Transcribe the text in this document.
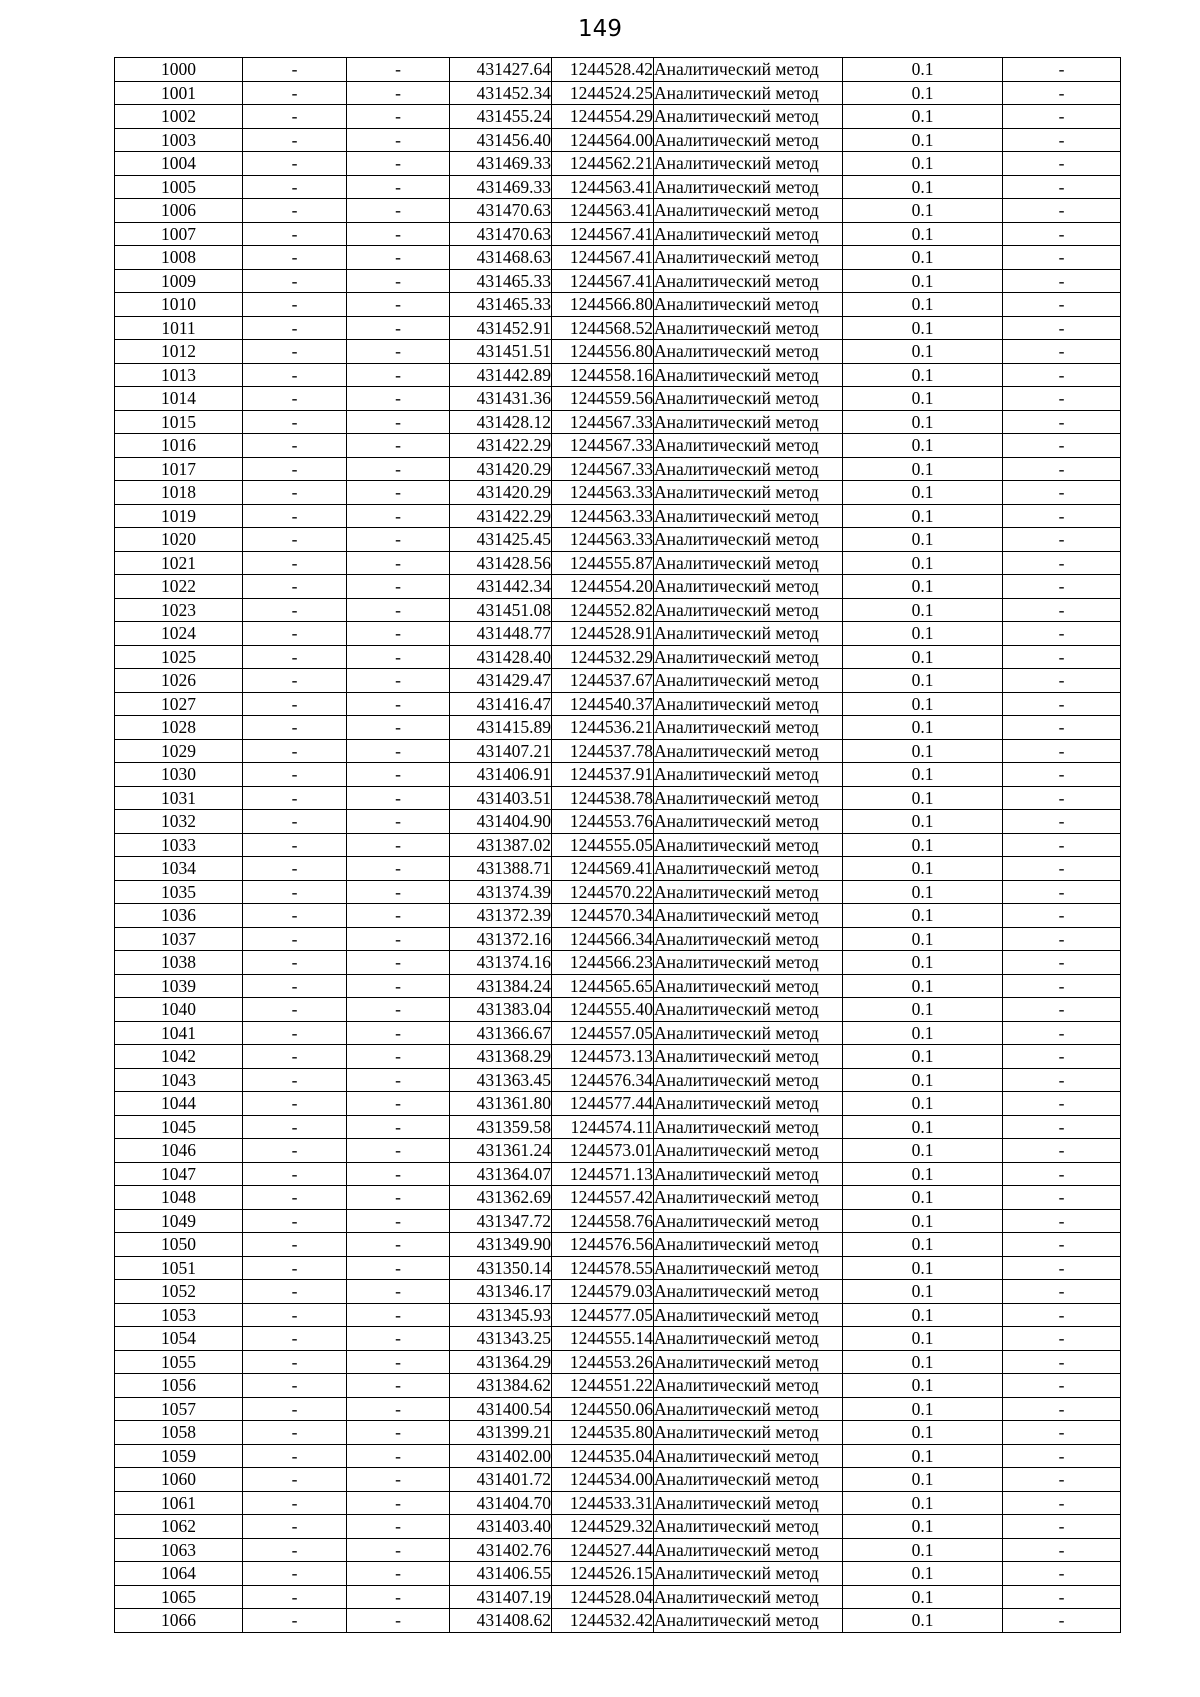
149
1000	-	-	431427.64	1244528.42	Аналитический метод	0.1	-
1001	-	-	431452.34	1244524.25	Аналитический метод	0.1	-
1002	-	-	431455.24	1244554.29	Аналитический метод	0.1	-
1003	-	-	431456.40	1244564.00	Аналитический метод	0.1	-
1004	-	-	431469.33	1244562.21	Аналитический метод	0.1	-
1005	-	-	431469.33	1244563.41	Аналитический метод	0.1	-
1006	-	-	431470.63	1244563.41	Аналитический метод	0.1	-
1007	-	-	431470.63	1244567.41	Аналитический метод	0.1	-
1008	-	-	431468.63	1244567.41	Аналитический метод	0.1	-
1009	-	-	431465.33	1244567.41	Аналитический метод	0.1	-
1010	-	-	431465.33	1244566.80	Аналитический метод	0.1	-
1011	-	-	431452.91	1244568.52	Аналитический метод	0.1	-
1012	-	-	431451.51	1244556.80	Аналитический метод	0.1	-
1013	-	-	431442.89	1244558.16	Аналитический метод	0.1	-
1014	-	-	431431.36	1244559.56	Аналитический метод	0.1	-
1015	-	-	431428.12	1244567.33	Аналитический метод	0.1	-
1016	-	-	431422.29	1244567.33	Аналитический метод	0.1	-
1017	-	-	431420.29	1244567.33	Аналитический метод	0.1	-
1018	-	-	431420.29	1244563.33	Аналитический метод	0.1	-
1019	-	-	431422.29	1244563.33	Аналитический метод	0.1	-
1020	-	-	431425.45	1244563.33	Аналитический метод	0.1	-
1021	-	-	431428.56	1244555.87	Аналитический метод	0.1	-
1022	-	-	431442.34	1244554.20	Аналитический метод	0.1	-
1023	-	-	431451.08	1244552.82	Аналитический метод	0.1	-
1024	-	-	431448.77	1244528.91	Аналитический метод	0.1	-
1025	-	-	431428.40	1244532.29	Аналитический метод	0.1	-
1026	-	-	431429.47	1244537.67	Аналитический метод	0.1	-
1027	-	-	431416.47	1244540.37	Аналитический метод	0.1	-
1028	-	-	431415.89	1244536.21	Аналитический метод	0.1	-
1029	-	-	431407.21	1244537.78	Аналитический метод	0.1	-
1030	-	-	431406.91	1244537.91	Аналитический метод	0.1	-
1031	-	-	431403.51	1244538.78	Аналитический метод	0.1	-
1032	-	-	431404.90	1244553.76	Аналитический метод	0.1	-
1033	-	-	431387.02	1244555.05	Аналитический метод	0.1	-
1034	-	-	431388.71	1244569.41	Аналитический метод	0.1	-
1035	-	-	431374.39	1244570.22	Аналитический метод	0.1	-
1036	-	-	431372.39	1244570.34	Аналитический метод	0.1	-
1037	-	-	431372.16	1244566.34	Аналитический метод	0.1	-
1038	-	-	431374.16	1244566.23	Аналитический метод	0.1	-
1039	-	-	431384.24	1244565.65	Аналитический метод	0.1	-
1040	-	-	431383.04	1244555.40	Аналитический метод	0.1	-
1041	-	-	431366.67	1244557.05	Аналитический метод	0.1	-
1042	-	-	431368.29	1244573.13	Аналитический метод	0.1	-
1043	-	-	431363.45	1244576.34	Аналитический метод	0.1	-
1044	-	-	431361.80	1244577.44	Аналитический метод	0.1	-
1045	-	-	431359.58	1244574.11	Аналитический метод	0.1	-
1046	-	-	431361.24	1244573.01	Аналитический метод	0.1	-
1047	-	-	431364.07	1244571.13	Аналитический метод	0.1	-
1048	-	-	431362.69	1244557.42	Аналитический метод	0.1	-
1049	-	-	431347.72	1244558.76	Аналитический метод	0.1	-
1050	-	-	431349.90	1244576.56	Аналитический метод	0.1	-
1051	-	-	431350.14	1244578.55	Аналитический метод	0.1	-
1052	-	-	431346.17	1244579.03	Аналитический метод	0.1	-
1053	-	-	431345.93	1244577.05	Аналитический метод	0.1	-
1054	-	-	431343.25	1244555.14	Аналитический метод	0.1	-
1055	-	-	431364.29	1244553.26	Аналитический метод	0.1	-
1056	-	-	431384.62	1244551.22	Аналитический метод	0.1	-
1057	-	-	431400.54	1244550.06	Аналитический метод	0.1	-
1058	-	-	431399.21	1244535.80	Аналитический метод	0.1	-
1059	-	-	431402.00	1244535.04	Аналитический метод	0.1	-
1060	-	-	431401.72	1244534.00	Аналитический метод	0.1	-
1061	-	-	431404.70	1244533.31	Аналитический метод	0.1	-
1062	-	-	431403.40	1244529.32	Аналитический метод	0.1	-
1063	-	-	431402.76	1244527.44	Аналитический метод	0.1	-
1064	-	-	431406.55	1244526.15	Аналитический метод	0.1	-
1065	-	-	431407.19	1244528.04	Аналитический метод	0.1	-
1066	-	-	431408.62	1244532.42	Аналитический метод	0.1	-
